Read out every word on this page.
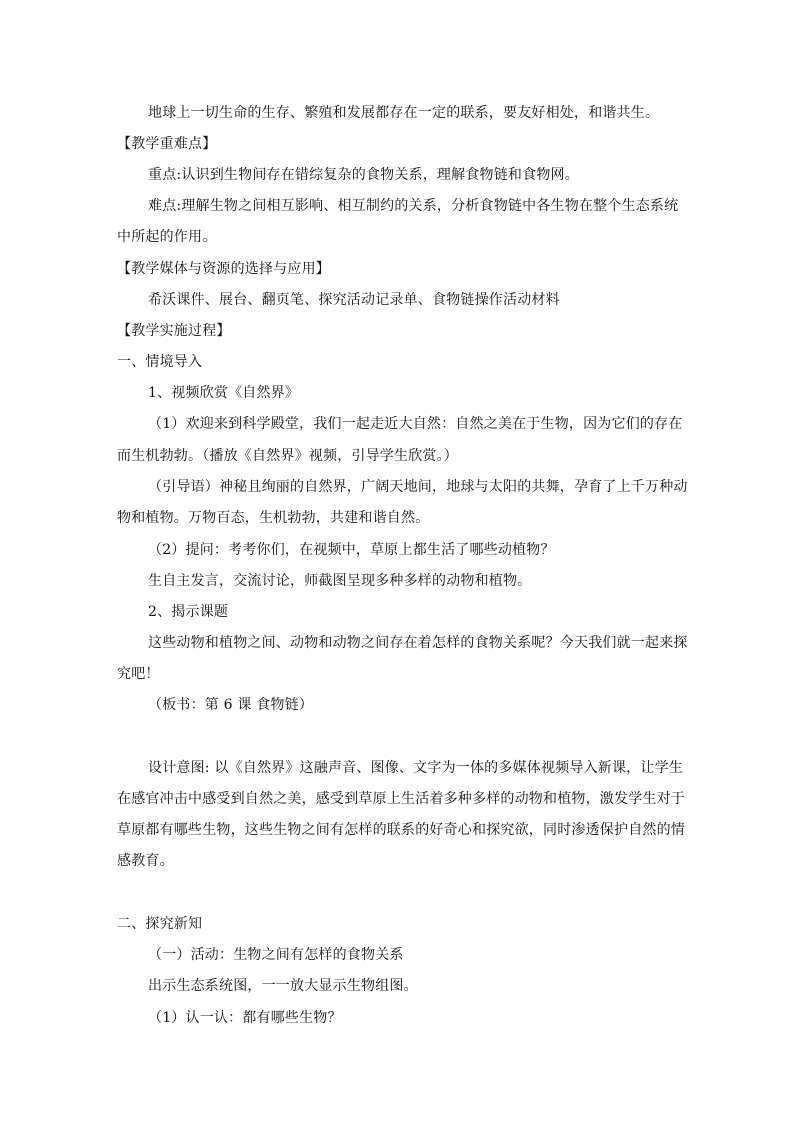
地球上一切生命的生存、繁殖和发展都存在一定的联系，要友好相处，和谐共生。
【教学重难点】
重点:认识到生物间存在错综复杂的食物关系，理解食物链和食物网。
难点:理解生物之间相互影响、相互制约的关系，分析食物链中各生物在整个生态系统
中所起的作用。
【教学媒体与资源的选择与应用】
希沃课件、展台、翻页笔、探究活动记录单、食物链操作活动材料
【教学实施过程】
一、情境导入
1、视频欣赏《自然界》
（1）欢迎来到科学殿堂，我们一起走近大自然：自然之美在于生物，因为它们的存在
而生机勃勃。（播放《自然界》视频，引导学生欣赏。）
（引导语）神秘且绚丽的自然界，广阔天地间，地球与太阳的共舞，孕育了上千万种动
物和植物。万物百态，生机勃勃，共建和谐自然。
（2）提问：考考你们，在视频中，草原上都生活了哪些动植物？
生自主发言，交流讨论，师截图呈现多种多样的动物和植物。
2、揭示课题
这些动物和植物之间、动物和动物之间存在着怎样的食物关系呢？今天我们就一起来探
究吧！
（板书：第 6 课 食物链）
设计意图: 以《自然界》这融声音、图像、文字为一体的多媒体视频导入新课，让学生
在感官冲击中感受到自然之美，感受到草原上生活着多种多样的动物和植物，激发学生对于
草原都有哪些生物，这些生物之间有怎样的联系的好奇心和探究欲，同时渗透保护自然的情
感教育。
二、探究新知
（一）活动：生物之间有怎样的食物关系
出示生态系统图，一一放大显示生物组图。
（1）认一认：都有哪些生物？
